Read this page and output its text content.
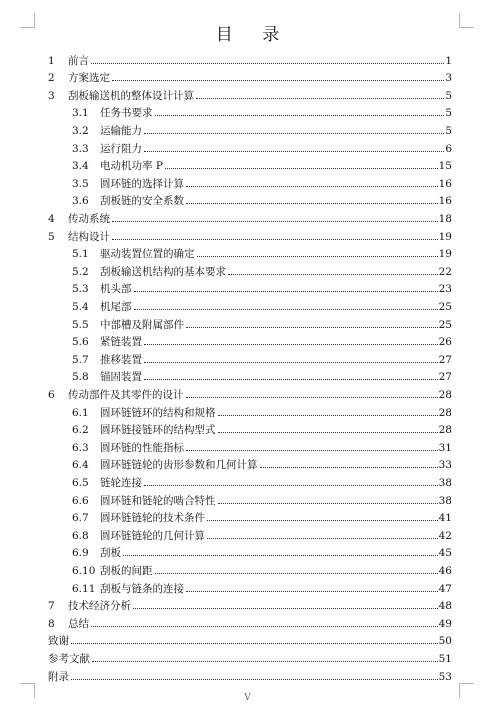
目 录
1	前言	1
2	方案选定	3
3	刮板输送机的整体设计计算	5
3.1	任务书要求	5
3.2	运输能力	5
3.3	运行阻力	6
3.4	电动机功率 P	15
3.5	圆环链的选择计算	16
3.6	刮板链的安全系数	16
4	传动系统	18
5	结构设计	19
5.1	驱动装置位置的确定	19
5.2	刮板输送机结构的基本要求	22
5.3	机头部	23
5.4	机尾部	25
5.5	中部槽及附属部件	25
5.6	紧链装置	26
5.7	推移装置	27
5.8	锚固装置	27
6	传动部件及其零件的设计	28
6.1	圆环链链环的结构和规格	28
6.2	圆环链接链环的结构型式	28
6.3	圆环链的性能指标	31
6.4	圆环链链轮的齿形参数和几何计算	33
6.5	链轮连接	38
6.6	圆环链和链轮的啮合特性	38
6.7	圆环链链轮的技术条件	41
6.8	圆环链链轮的几何计算	42
6.9	刮板	45
6.10 刮板的间距	46
6.11 刮板与链条的连接	47
7	技术经济分析	48
8	总结	49
致谢	50
参考文献	51
附录	53
V
